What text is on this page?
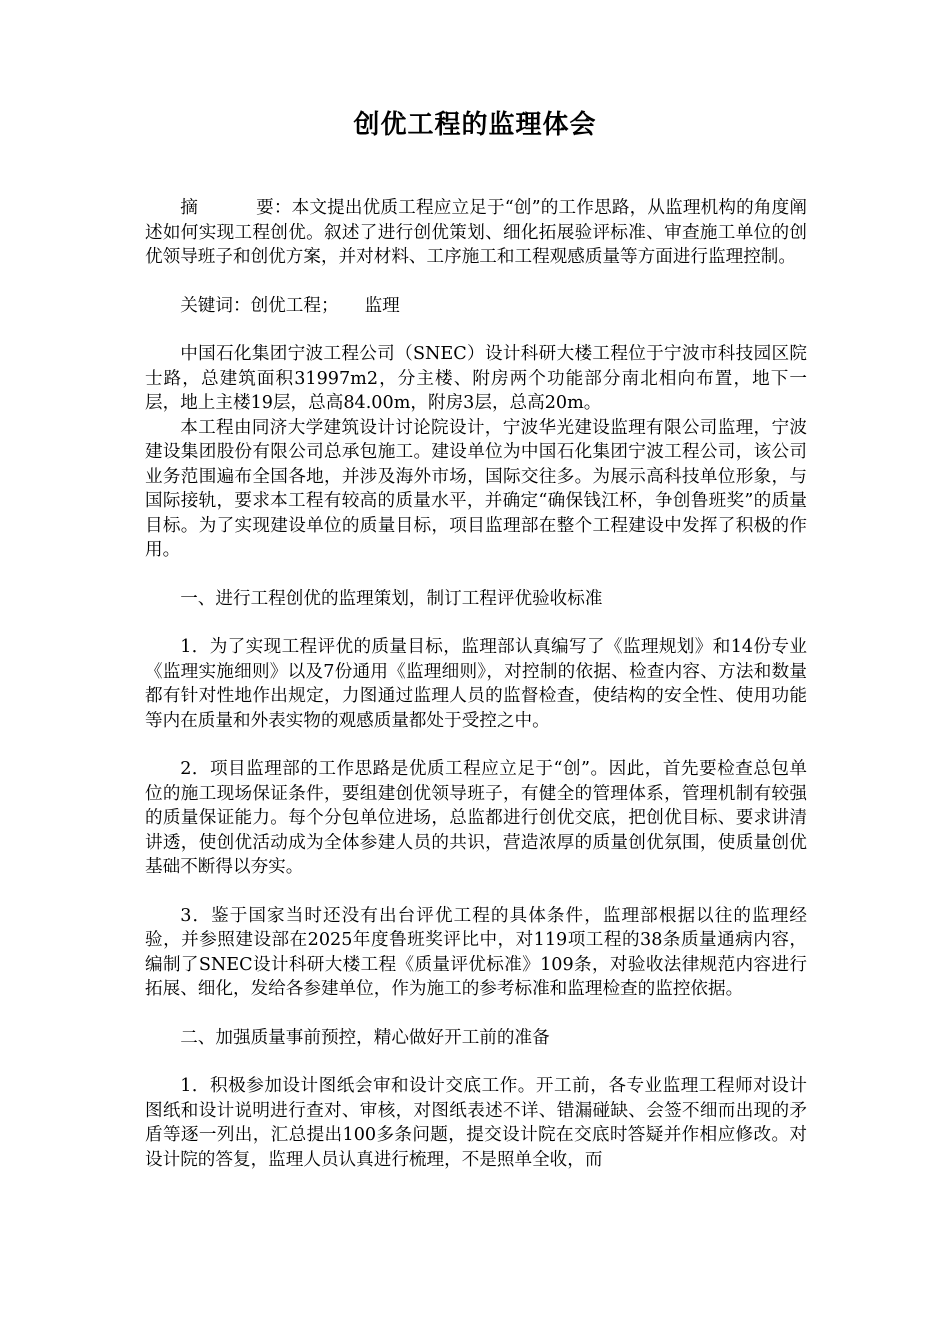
创优工程的监理体会

摘	要：本文提出优质工程应立足于“创”的工作思路，从监理机构的角度阐述如何实现工程创优。叙述了进行创优策划、细化拓展验评标准、审查施工单位的创优领导班子和创优方案，并对材料、工序施工和工程观感质量等方面进行监理控制。

关键词：创优工程； 监理

中国石化集团宁波工程公司（SNEC）设计科研大楼工程位于宁波市科技园区院士路，总建筑面积31997m2，分主楼、附房两个功能部分南北相向布置，地下一层，地上主楼19层，总高84.00m，附房3层，总高20m。

本工程由同济大学建筑设计讨论院设计，宁波华光建设监理有限公司监理，宁波建设集团股份有限公司总承包施工。建设单位为中国石化集团宁波工程公司，该公司业务范围遍布全国各地，并涉及海外市场，国际交往多。为展示高科技单位形象，与国际接轨，要求本工程有较高的质量水平，并确定“确保钱江杯，争创鲁班奖”的质量目标。为了实现建设单位的质量目标，项目监理部在整个工程建设中发挥了积极的作用。

一、进行工程创优的监理策划，制订工程评优验收标准

1．为了实现工程评优的质量目标，监理部认真编写了《监理规划》和14份专业《监理实施细则》以及7份通用《监理细则》，对控制的依据、检查内容、方法和数量都有针对性地作出规定，力图通过监理人员的监督检查，使结构的安全性、使用功能等内在质量和外表实物的观感质量都处于受控之中。

2．项目监理部的工作思路是优质工程应立足于“创”。因此，首先要检查总包单位的施工现场保证条件，要组建创优领导班子，有健全的管理体系，管理机制有较强的质量保证能力。每个分包单位进场，总监都进行创优交底，把创优目标、要求讲清讲透，使创优活动成为全体参建人员的共识，营造浓厚的质量创优氛围，使质量创优基础不断得以夯实。

3．鉴于国家当时还没有出台评优工程的具体条件，监理部根据以往的监理经验，并参照建设部在2025年度鲁班奖评比中，对119项工程的38条质量通病内容，编制了SNEC设计科研大楼工程《质量评优标准》109条，对验收法律规范内容进行拓展、细化，发给各参建单位，作为施工的参考标准和监理检查的监控依据。

二、加强质量事前预控，精心做好开工前的准备

1．积极参加设计图纸会审和设计交底工作。开工前，各专业监理工程师对设计图纸和设计说明进行查对、审核，对图纸表述不详、错漏碰缺、会签不细而出现的矛盾等逐一列出，汇总提出100多条问题，提交设计院在交底时答疑并作相应修改。对设计院的答复，监理人员认真进行梳理，不是照单全收，而
